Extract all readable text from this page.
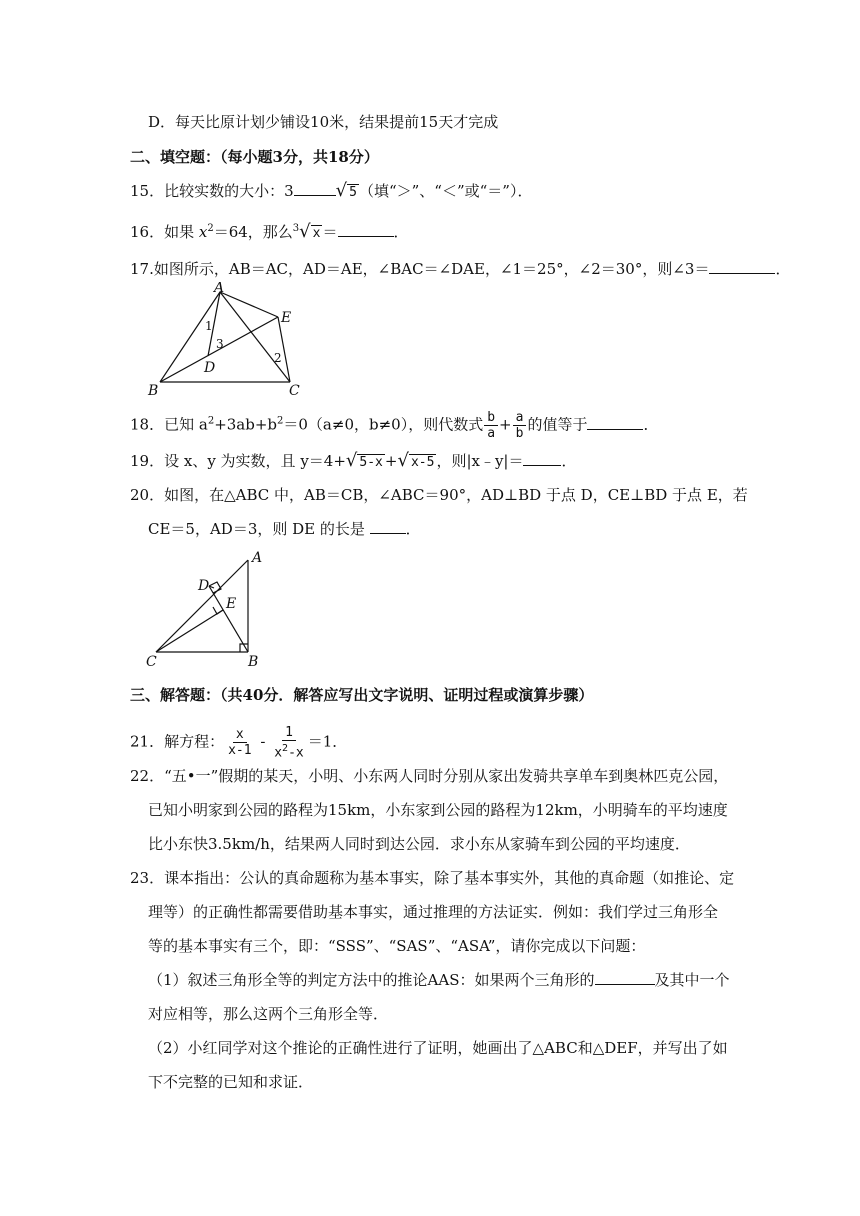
D．每天比原计划少铺设10米，结果提前15天才完成
二、填空题：（每小题3分，共18分）
15．比较实数的大小：3 √ 5 （填“＞”、“＜”或“＝”）．
16．如果 $x^2=64$，那么$^3$√ x ＝	．
17.如图所示，AB＝AC，AD＝AE，∠BAC＝∠DAE，∠1＝25°，∠2＝30°，则∠3＝	．
A
E
B	C
D
1
2
3
18．已知 $a^2+3ab+b^2=0(a\ne 0$，b≠0），则代数式 $\frac{b}{a} + \frac{a}{b}$ 的值等于	．
19．设 x、y 为实数，且 y＝4+√ 5-x +√ x-5 ，则|x﹣y|＝	．
20．如图，在△ABC 中，AB＝CB，∠ABC＝90°，AD⊥BD 于点 D，CE⊥BD 于点 E，若
CE＝5，AD＝3，则 DE 的长是	．
A
D
E
C	B
三、解答题：（共40分．解答应写出文字说明、证明过程或演算步骤）
21．解方程： $\frac{x}{x-1} - \frac{1}{x^2-x} =1$．
22．“五•一”假期的某天，小明、小东两人同时分别从家出发骑共享单车到奥林匹克公园，
已知小明家到公园的路程为15km，小东家到公园的路程为12km，小明骑车的平均速度
比小东快3.5km/h，结果两人同时到达公园．求小东从家骑车到公园的平均速度．
23．课本指出：公认的真命题称为基本事实，除了基本事实外，其他的真命题（如推论、定
理等）的正确性都需要借助基本事实，通过推理的方法证实．例如：我们学过三角形全
等的基本事实有三个，即：“SSS”、“SAS”、“ASA”，请你完成以下问题：
（1）叙述三角形全等的判定方法中的推论AAS：如果两个三角形的	及其中一个
对应相等，那么这两个三角形全等．
（2）小红同学对这个推论的正确性进行了证明，她画出了△ABC和△DEF，并写出了如
下不完整的已知和求证．
